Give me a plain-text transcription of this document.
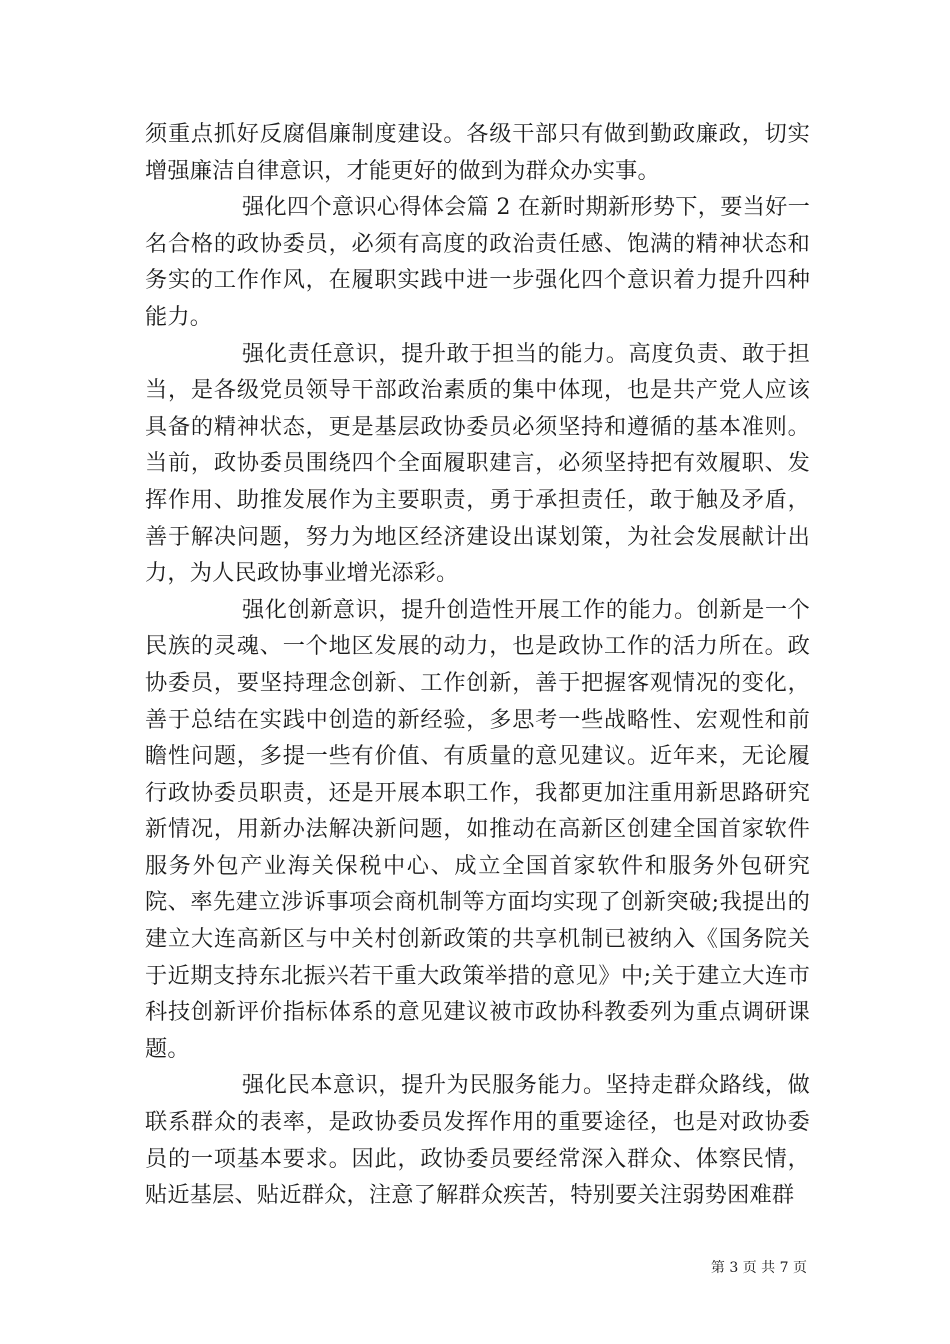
须重点抓好反腐倡廉制度建设。各级干部只有做到勤政廉政，切实增强廉洁自律意识，才能更好的做到为群众办实事。

强化四个意识心得体会篇 2 在新时期新形势下，要当好一名合格的政协委员，必须有高度的政治责任感、饱满的精神状态和务实的工作作风，在履职实践中进一步强化四个意识着力提升四种能力。

强化责任意识，提升敢于担当的能力。高度负责、敢于担当，是各级党员领导干部政治素质的集中体现，也是共产党人应该具备的精神状态，更是基层政协委员必须坚持和遵循的基本准则。当前，政协委员围绕四个全面履职建言，必须坚持把有效履职、发挥作用、助推发展作为主要职责，勇于承担责任，敢于触及矛盾，善于解决问题，努力为地区经济建设出谋划策，为社会发展献计出力，为人民政协事业增光添彩。

强化创新意识，提升创造性开展工作的能力。创新是一个民族的灵魂、一个地区发展的动力，也是政协工作的活力所在。政协委员，要坚持理念创新、工作创新，善于把握客观情况的变化，善于总结在实践中创造的新经验，多思考一些战略性、宏观性和前瞻性问题，多提一些有价值、有质量的意见建议。近年来，无论履行政协委员职责，还是开展本职工作，我都更加注重用新思路研究新情况，用新办法解决新问题，如推动在高新区创建全国首家软件服务外包产业海关保税中心、成立全国首家软件和服务外包研究院、率先建立涉诉事项会商机制等方面均实现了创新突破;我提出的建立大连高新区与中关村创新政策的共享机制已被纳入《国务院关于近期支持东北振兴若干重大政策举措的意见》中;关于建立大连市科技创新评价指标体系的意见建议被市政协科教委列为重点调研课题。

强化民本意识，提升为民服务能力。坚持走群众路线，做联系群众的表率，是政协委员发挥作用的重要途径，也是对政协委员的一项基本要求。因此，政协委员要经常深入群众、体察民情，贴近基层、贴近群众，注意了解群众疾苦，特别要关注弱势困难群

第 3 页 共 7 页
